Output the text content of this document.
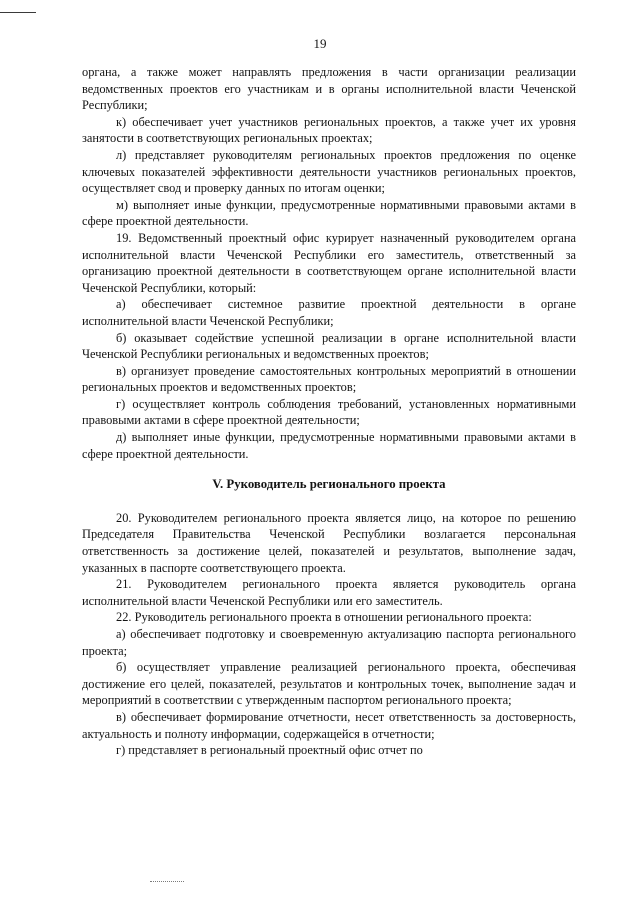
19

органа, а также может направлять предложения в части организации реализации ведомственных проектов его участникам и в органы исполнительной власти Чеченской Республики;

к) обеспечивает учет участников региональных проектов, а также учет их уровня занятости в соответствующих региональных проектах;

л) представляет руководителям региональных проектов предложения по оценке ключевых показателей эффективности деятельности участников региональных проектов, осуществляет свод и проверку данных по итогам оценки;

м) выполняет иные функции, предусмотренные нормативными правовыми актами в сфере проектной деятельности.

19. Ведомственный проектный офис курирует назначенный руководителем органа исполнительной власти Чеченской Республики его заместитель, ответственный за организацию проектной деятельности в соответствующем органе исполнительной власти Чеченской Республики, который:

а) обеспечивает системное развитие проектной деятельности в органе исполнительной власти Чеченской Республики;

б) оказывает содействие успешной реализации в органе исполнительной власти Чеченской Республики региональных и ведомственных проектов;

в) организует проведение самостоятельных контрольных мероприятий в отношении региональных проектов и ведомственных проектов;

г) осуществляет контроль соблюдения требований, установленных нормативными правовыми актами в сфере проектной деятельности;

д) выполняет иные функции, предусмотренные нормативными правовыми актами в сфере проектной деятельности.

V. Руководитель регионального проекта

20. Руководителем регионального проекта является лицо, на которое по решению Председателя Правительства Чеченской Республики возлагается персональная ответственность за достижение целей, показателей и результатов, выполнение задач, указанных в паспорте соответствующего проекта.

21. Руководителем регионального проекта является руководитель органа исполнительной власти Чеченской Республики или его заместитель.

22. Руководитель регионального проекта в отношении регионального проекта:

а) обеспечивает подготовку и своевременную актуализацию паспорта регионального проекта;

б) осуществляет управление реализацией регионального проекта, обеспечивая достижение его целей, показателей, результатов и контрольных точек, выполнение задач и мероприятий в соответствии с утвержденным паспортом регионального проекта;

в) обеспечивает формирование отчетности, несет ответственность за достоверность, актуальность и полноту информации, содержащейся в отчетности;

г) представляет в региональный проектный офис отчет по
